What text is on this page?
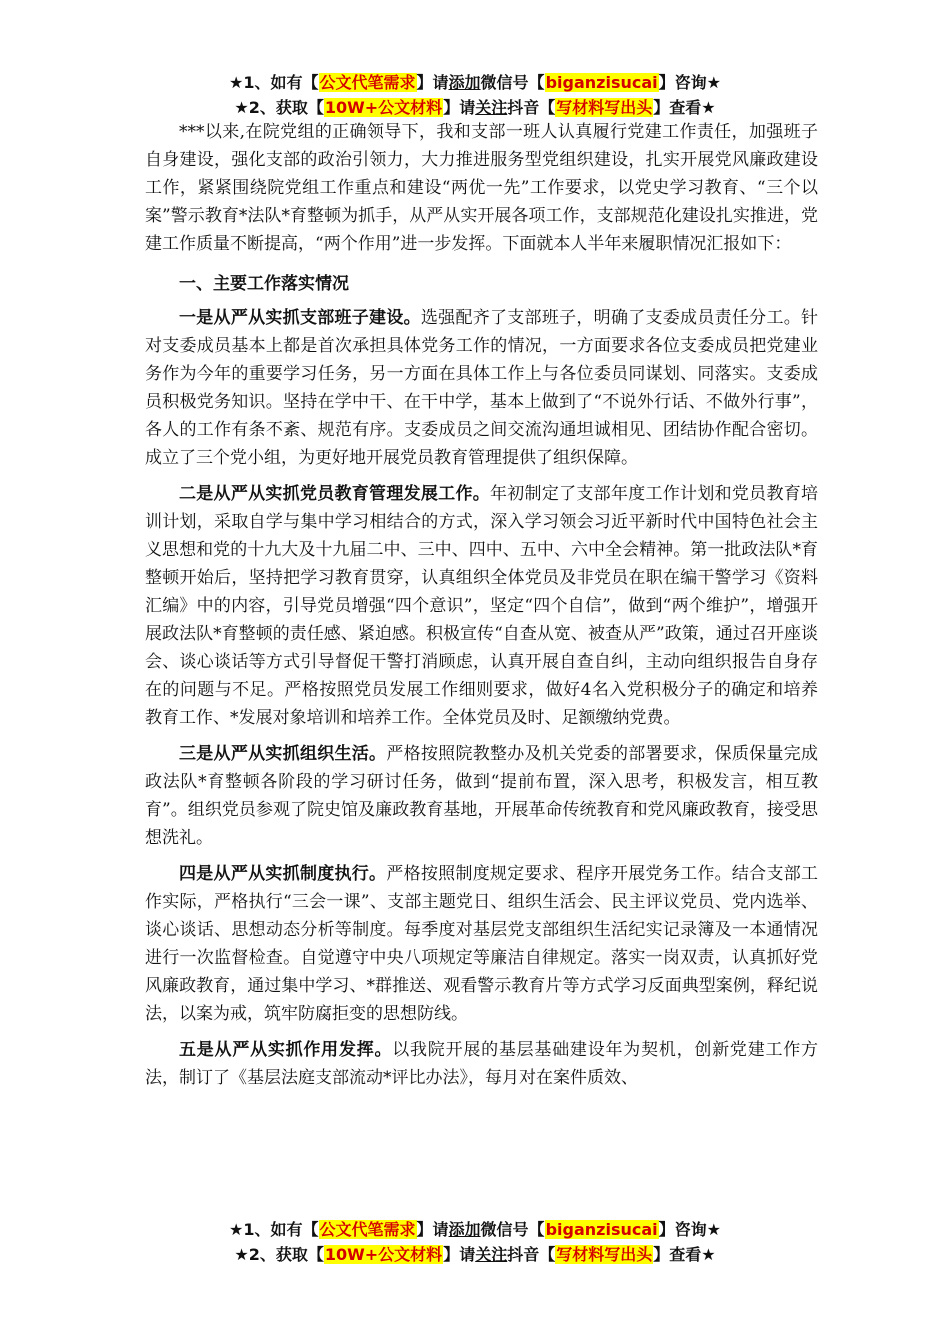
★1、如有【公文代笔需求】请添加微信号【biganzisucai】咨询★
★2、获取【10W+公文材料】请关注抖音【写材料写出头】查看★

***以来,在院党组的正确领导下，我和支部一班人认真履行党建工作责任，加强班子自身建设，强化支部的政治引领力，大力推进服务型党组织建设，扎实开展党风廉政建设工作，紧紧围绕院党组工作重点和建设“两优一先”工作要求，以党史学习教育、“三个以案”警示教育*法队*育整顿为抓手，从严从实开展各项工作，支部规范化建设扎实推进，党建工作质量不断提高，“两个作用”进一步发挥。下面就本人半年来履职情况汇报如下：

一、主要工作落实情况

一是从严从实抓支部班子建设。选强配齐了支部班子，明确了支委成员责任分工。针对支委成员基本上都是首次承担具体党务工作的情况，一方面要求各位支委成员把党建业务作为今年的重要学习任务，另一方面在具体工作上与各位委员同谋划、同落实。支委成员积极党务知识。坚持在学中干、在干中学，基本上做到了“不说外行话、不做外行事”，各人的工作有条不紊、规范有序。支委成员之间交流沟通坦诚相见、团结协作配合密切。成立了三个党小组，为更好地开展党员教育管理提供了组织保障。

二是从严从实抓党员教育管理发展工作。年初制定了支部年度工作计划和党员教育培训计划，采取自学与集中学习相结合的方式，深入学习领会习近平新时代中国特色社会主义思想和党的十九大及十九届二中、三中、四中、五中、六中全会精神。第一批政法队*育整顿开始后，坚持把学习教育贯穿，认真组织全体党员及非党员在职在编干警学习《资料汇编》中的内容，引导党员增强“四个意识”，坚定“四个自信”，做到“两个维护”，增强开展政法队*育整顿的责任感、紧迫感。积极宣传“自查从宽、被查从严”政策，通过召开座谈会、谈心谈话等方式引导督促干警打消顾虑，认真开展自查自纠，主动向组织报告自身存在的问题与不足。严格按照党员发展工作细则要求，做好4名入党积极分子的确定和培养教育工作、*发展对象培训和培养工作。全体党员及时、足额缴纳党费。

三是从严从实抓组织生活。严格按照院教整办及机关党委的部署要求，保质保量完成政法队*育整顿各阶段的学习研讨任务，做到“提前布置，深入思考，积极发言，相互教育”。组织党员参观了院史馆及廉政教育基地，开展革命传统教育和党风廉政教育，接受思想洗礼。

四是从严从实抓制度执行。严格按照制度规定要求、程序开展党务工作。结合支部工作实际，严格执行“三会一课”、支部主题党日、组织生活会、民主评议党员、党内选举、谈心谈话、思想动态分析等制度。每季度对基层党支部组织生活纪实记录簿及一本通情况进行一次监督检查。自觉遵守中央八项规定等廉洁自律规定。落实一岗双责，认真抓好党风廉政教育，通过集中学习、*群推送、观看警示教育片等方式学习反面典型案例，释纪说法，以案为戒，筑牢防腐拒变的思想防线。

五是从严从实抓作用发挥。以我院开展的基层基础建设年为契机，创新党建工作方法，制订了《基层法庭支部流动*评比办法》，每月对在案件质效、

★1、如有【公文代笔需求】请添加微信号【biganzisucai】咨询★
★2、获取【10W+公文材料】请关注抖音【写材料写出头】查看★
